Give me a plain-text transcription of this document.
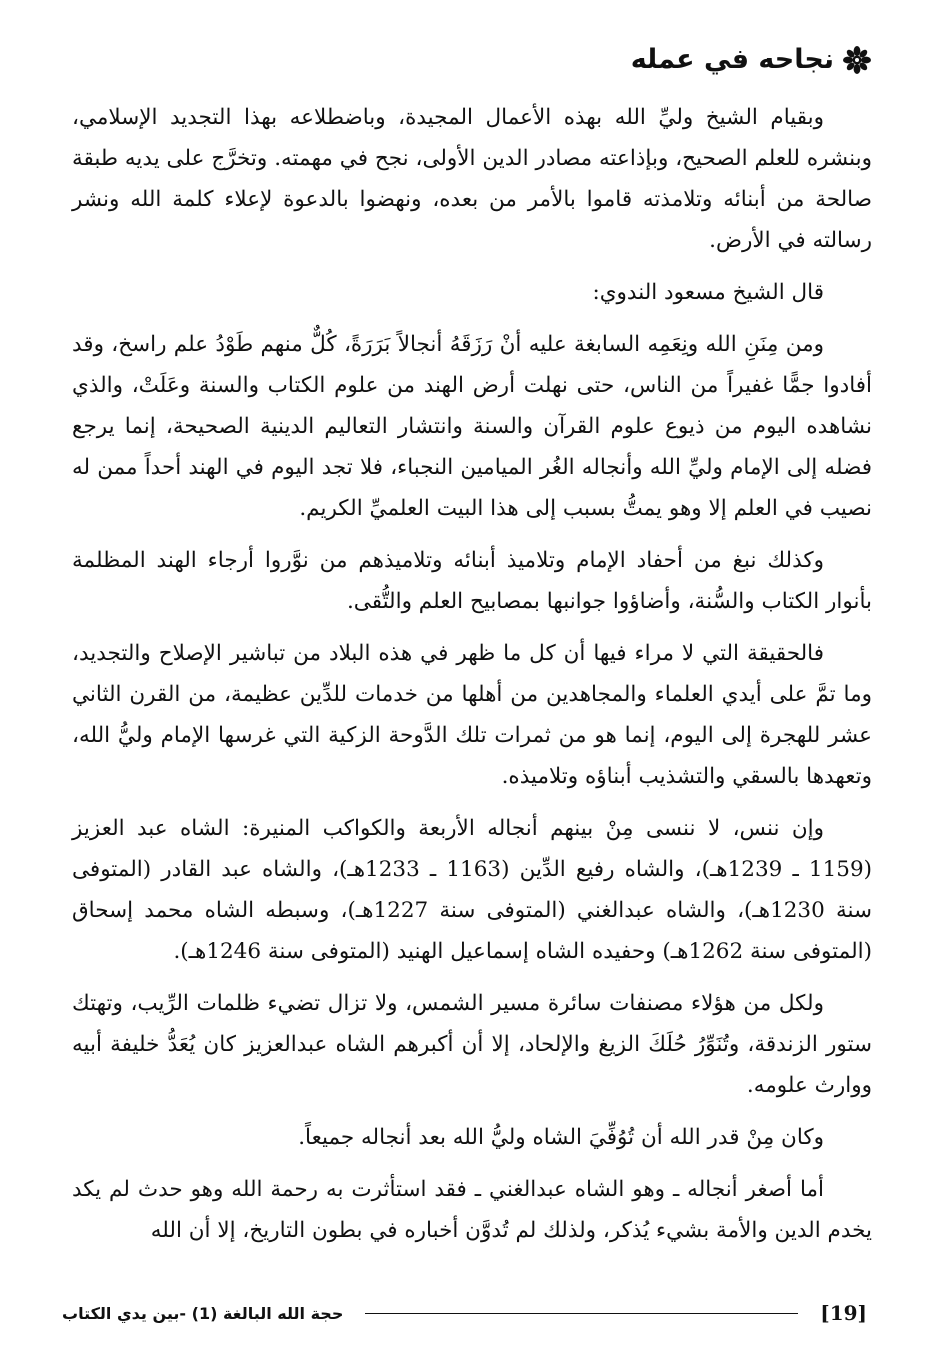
نجاحه في عمله

وبقيام الشيخ وليِّ الله بهذه الأعمال المجيدة، وباضطلاعه بهذا التجديد الإسلامي، وبنشره للعلم الصحيح، وبإذاعته مصادر الدين الأولى، نجح في مهمته. وتخرَّج على يديه طبقة صالحة من أبنائه وتلامذته قاموا بالأمر من بعده، ونهضوا بالدعوة لإعلاء كلمة الله ونشر رسالته في الأرض.

قال الشيخ مسعود الندوي:

ومن مِنَنِ الله ونِعَمِه السابغة عليه أنْ رَزَقَهُ أنجالاً بَرَرَةً، كُلٌّ منهم طَوْدُ علم راسخ، وقد أفادوا جمًّا غفيراً من الناس، حتى نهلت أرض الهند من علوم الكتاب والسنة وعَلَتْ، والذي نشاهده اليوم من ذيوع علوم القرآن والسنة وانتشار التعاليم الدينية الصحيحة، إنما يرجع فضله إلى الإمام وليِّ الله وأنجاله الغُر الميامين النجباء، فلا تجد اليوم في الهند أحداً ممن له نصيب في العلم إلا وهو يمتُّ بسبب إلى هذا البيت العلميِّ الكريم.

وكذلك نبغ من أحفاد الإمام وتلاميذ أبنائه وتلاميذهم من نوَّروا أرجاء الهند المظلمة بأنوار الكتاب والسُّنة، وأضاؤوا جوانبها بمصابيح العلم والتُّقى.

فالحقيقة التي لا مراء فيها أن كل ما ظهر في هذه البلاد من تباشير الإصلاح والتجديد، وما تمَّ على أيدي العلماء والمجاهدين من أهلها من خدمات للدِّين عظيمة، من القرن الثاني عشر للهجرة إلى اليوم، إنما هو من ثمرات تلك الدَّوحة الزكية التي غرسها الإمام وليُّ الله، وتعهدها بالسقي والتشذيب أبناؤه وتلاميذه.

وإن ننس، لا ننسى مِنْ بينهم أنجاله الأربعة والكواكب المنيرة: الشاه عبد العزيز (1159 ـ 1239هـ)، والشاه رفيع الدِّين (1163 ـ 1233هـ)، والشاه عبد القادر (المتوفى سنة 1230هـ)، والشاه عبدالغني (المتوفى سنة 1227هـ)، وسبطه الشاه محمد إسحاق (المتوفى سنة 1262هـ) وحفيده الشاه إسماعيل الهنيد (المتوفى سنة 1246هـ).

ولكل من هؤلاء مصنفات سائرة مسير الشمس، ولا تزال تضيء ظلمات الرِّيب، وتهتك ستور الزندقة، وتُنَوِّرُ حُلَكَ الزيغ والإلحاد، إلا أن أكبرهم الشاه عبدالعزيز كان يُعَدُّ خليفة أبيه ووارث علومه.

وكان مِنْ قدر الله أن تُوُفِّيَ الشاه وليُّ الله بعد أنجاله جميعاً.

أما أصغر أنجاله ـ وهو الشاه عبدالغني ـ فقد استأثرت به رحمة الله وهو حدث لم يكد يخدم الدين والأمة بشيء يُذكر، ولذلك لم تُدوَّن أخباره في بطون التاريخ، إلا أن الله

حجة الله البالغة (1) -بين يدي الكتاب	[19]
